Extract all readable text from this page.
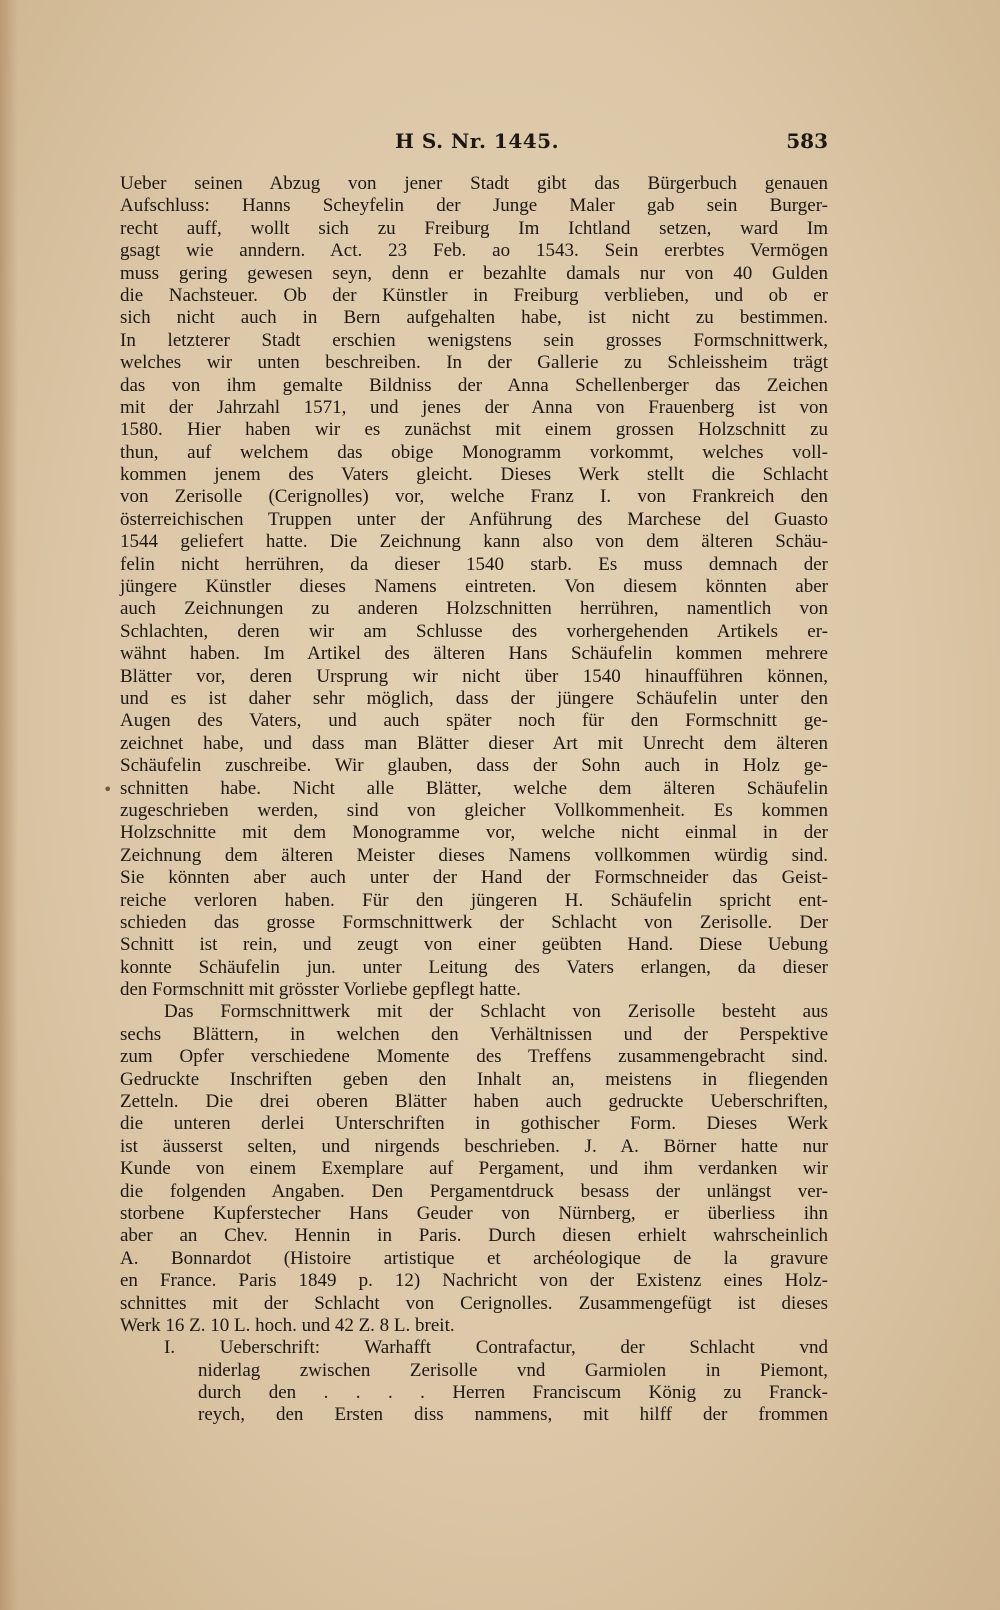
H S. Nr. 1445.	583
•
Ueber seinen Abzug von jener Stadt gibt das Bürgerbuch genauen
Aufschluss: Hanns Scheyfelin der Junge Maler gab sein Burger-
recht auff, wollt sich zu Freiburg Im Ichtland setzen, ward Im
gsagt wie anndern. Act. 23 Feb. ao 1543. Sein ererbtes Vermögen
muss gering gewesen seyn, denn er bezahlte damals nur von 40 Gulden
die Nachsteuer. Ob der Künstler in Freiburg verblieben, und ob er
sich nicht auch in Bern aufgehalten habe, ist nicht zu bestimmen.
In letzterer Stadt erschien wenigstens sein grosses Formschnittwerk,
welches wir unten beschreiben. In der Gallerie zu Schleissheim trägt
das von ihm gemalte Bildniss der Anna Schellenberger das Zeichen
mit der Jahrzahl 1571, und jenes der Anna von Frauenberg ist von
1580. Hier haben wir es zunächst mit einem grossen Holzschnitt zu
thun, auf welchem das obige Monogramm vorkommt, welches voll-
kommen jenem des Vaters gleicht. Dieses Werk stellt die Schlacht
von Zerisolle (Cerignolles) vor, welche Franz I. von Frankreich den
österreichischen Truppen unter der Anführung des Marchese del Guasto
1544 geliefert hatte. Die Zeichnung kann also von dem älteren Schäu-
felin nicht herrühren, da dieser 1540 starb. Es muss demnach der
jüngere Künstler dieses Namens eintreten. Von diesem könnten aber
auch Zeichnungen zu anderen Holzschnitten herrühren, namentlich von
Schlachten, deren wir am Schlusse des vorhergehenden Artikels er-
wähnt haben. Im Artikel des älteren Hans Schäufelin kommen mehrere
Blätter vor, deren Ursprung wir nicht über 1540 hinaufführen können,
und es ist daher sehr möglich, dass der jüngere Schäufelin unter den
Augen des Vaters, und auch später noch für den Formschnitt ge-
zeichnet habe, und dass man Blätter dieser Art mit Unrecht dem älteren
Schäufelin zuschreibe. Wir glauben, dass der Sohn auch in Holz ge-
schnitten habe. Nicht alle Blätter, welche dem älteren Schäufelin
zugeschrieben werden, sind von gleicher Vollkommenheit. Es kommen
Holzschnitte mit dem Monogramme vor, welche nicht einmal in der
Zeichnung dem älteren Meister dieses Namens vollkommen würdig sind.
Sie könnten aber auch unter der Hand der Formschneider das Geist-
reiche verloren haben. Für den jüngeren H. Schäufelin spricht ent-
schieden das grosse Formschnittwerk der Schlacht von Zerisolle. Der
Schnitt ist rein, und zeugt von einer geübten Hand. Diese Uebung
konnte Schäufelin jun. unter Leitung des Vaters erlangen, da dieser
den Formschnitt mit grösster Vorliebe gepflegt hatte.
Das Formschnittwerk mit der Schlacht von Zerisolle besteht aus
sechs Blättern, in welchen den Verhältnissen und der Perspektive
zum Opfer verschiedene Momente des Treffens zusammengebracht sind.
Gedruckte Inschriften geben den Inhalt an, meistens in fliegenden
Zetteln. Die drei oberen Blätter haben auch gedruckte Ueberschriften,
die unteren derlei Unterschriften in gothischer Form. Dieses Werk
ist äusserst selten, und nirgends beschrieben. J. A. Börner hatte nur
Kunde von einem Exemplare auf Pergament, und ihm verdanken wir
die folgenden Angaben. Den Pergamentdruck besass der unlängst ver-
storbene Kupferstecher Hans Geuder von Nürnberg, er überliess ihn
aber an Chev. Hennin in Paris. Durch diesen erhielt wahrscheinlich
A. Bonnardot (Histoire artistique et archéologique de la gravure
en France. Paris 1849 p. 12) Nachricht von der Existenz eines Holz-
schnittes mit der Schlacht von Cerignolles. Zusammengefügt ist dieses
Werk 16 Z. 10 L. hoch. und 42 Z. 8 L. breit.
I. Ueberschrift: Warhafft Contrafactur, der Schlacht vnd
niderlag zwischen Zerisolle vnd Garmiolen in Piemont,
durch den . . . . Herren Franciscum König zu Franck-
reych, den Ersten diss nammens, mit hilff der frommen
